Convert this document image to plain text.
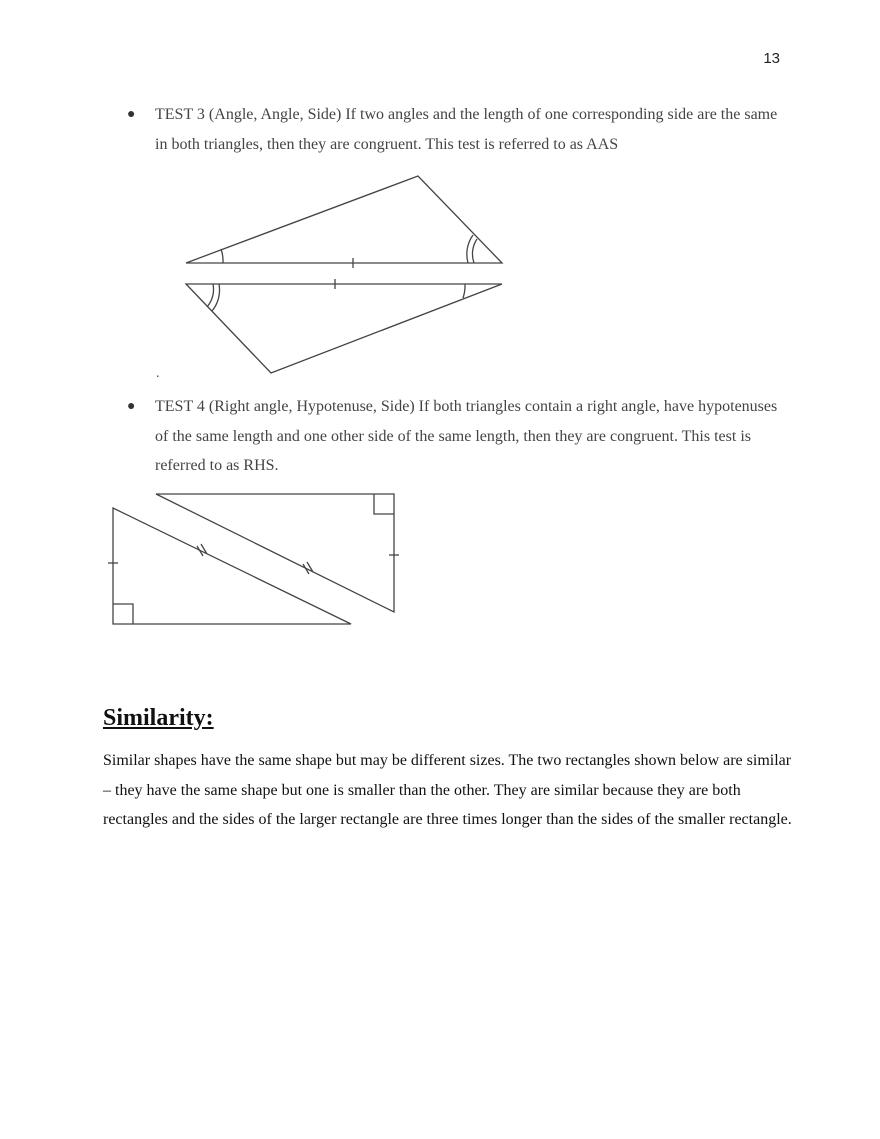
13
● TEST 3 (Angle, Angle, Side) If two angles and the length of one corresponding side are the same in both triangles, then they are congruent. This test is referred to as AAS
.
● TEST 4 (Right angle, Hypotenuse, Side) If both triangles contain a right angle, have hypotenuses of the same length and one other side of the same length, then they are congruent. This test is referred to as RHS.
Similarity:
Similar shapes have the same shape but may be different sizes. The two rectangles shown below are similar – they have the same shape but one is smaller than the other. They are similar because they are both rectangles and the sides of the larger rectangle are three times longer than the sides of the smaller rectangle.
